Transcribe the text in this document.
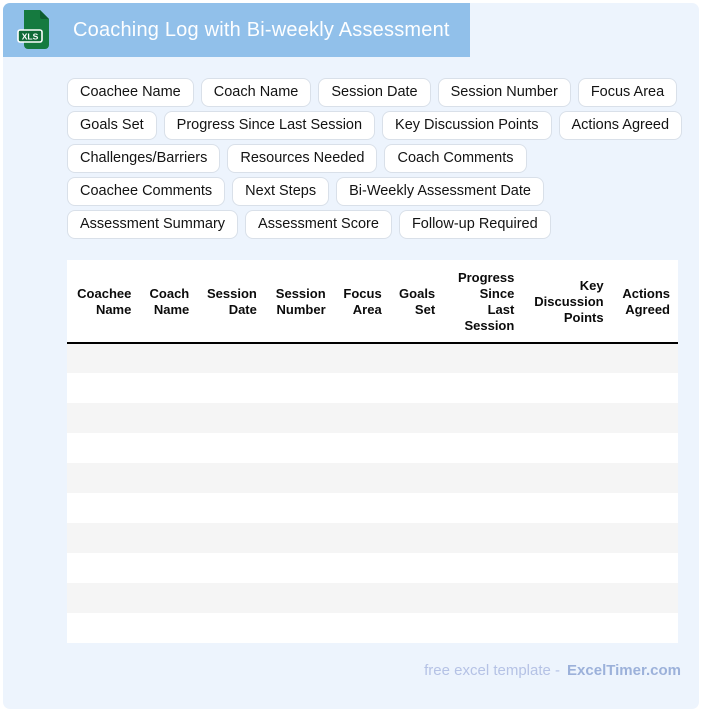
XLS Coaching Log with Bi-weekly Assessment
Coachee Name	Coach Name	Session Date	Session Number	Focus Area
Goals Set	Progress Since Last Session	Key Discussion Points	Actions Agreed
Challenges/Barriers	Resources Needed	Coach Comments
Coachee Comments	Next Steps	Bi-Weekly Assessment Date
Assessment Summary	Assessment Score	Follow-up Required
Coachee Name	Coach Name	Session Date	Session Number	Focus Area	Goals Set	Progress Since Last Session	Key Discussion Points	Actions Agreed

free excel template - ExcelTimer.com
